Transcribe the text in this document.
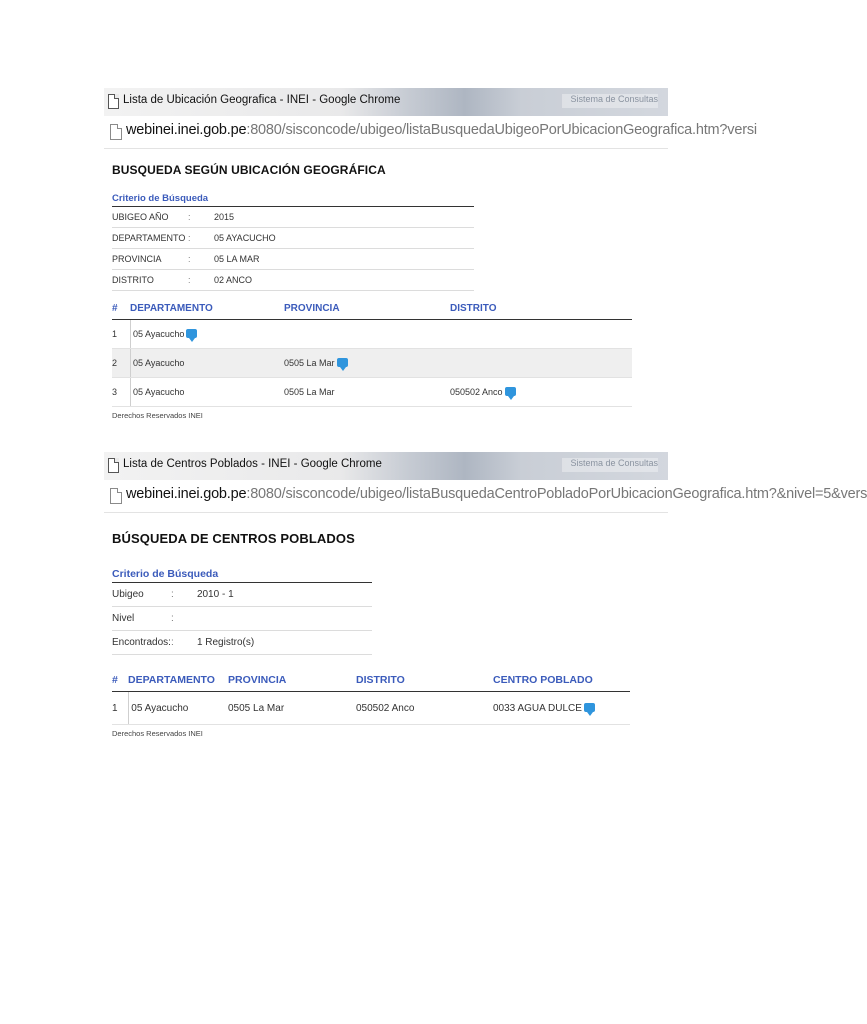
Lista de Ubicación Geografica - INEI - Google Chrome	Sistema de Consultas
webinei.inei.gob.pe:8080/sisconcode/ubigeo/listaBusquedaUbigeoPorUbicacionGeografica.htm?versi
BUSQUEDA SEGÚN UBICACIÓN GEOGRÁFICA
Criterio de Búsqueda
UBIGEO AÑO	:	2015
DEPARTAMENTO	:	05 AYACUCHO
PROVINCIA	:	05 LA MAR
DISTRITO	:	02 ANCO
#	DEPARTAMENTO	PROVINCIA	DISTRITO
1	05 Ayacucho		
2	05 Ayacucho	0505 La Mar	
3	05 Ayacucho	0505 La Mar	050502 Anco
Derechos Reservados INEI
Lista de Centros Poblados - INEI - Google Chrome	Sistema de Consultas
webinei.inei.gob.pe:8080/sisconcode/ubigeo/listaBusquedaCentroPobladoPorUbicacionGeografica.htm?&nivel=5&vers
BÚSQUEDA DE CENTROS POBLADOS
Criterio de Búsqueda
Ubigeo	:	2010 - 1
Nivel	:	
Encontrados:	:	1 Registro(s)
#	DEPARTAMENTO	PROVINCIA	DISTRITO	CENTRO POBLADO
1	05 Ayacucho	0505 La Mar	050502 Anco	0033 AGUA DULCE
Derechos Reservados INEI
